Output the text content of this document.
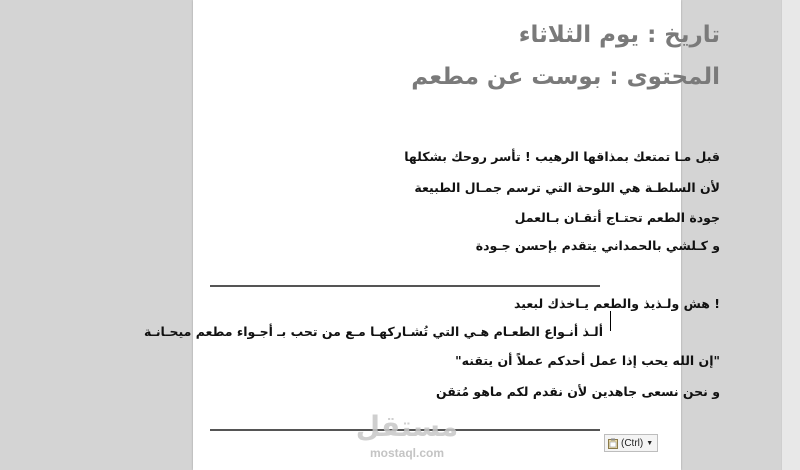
تاريخ : يوم الثلاثاء
المحتوى : بوست عن مطعم
قبل مـا تمتعك بمذاقها الرهيب ! تأسر روحك بشكلها
لأن السلطـة هي اللوحة التي ترسم جمـال الطبيعة
جودة الطعم تحتـاج أتقـان بـالعمل
و كـلشي بالحمداني يتقدم بإحسن جـودة
! هش ولـذيذ والطعم يـاخذك لبعيد
ألـذ أنـواع الطعـام هـي التي تُشـاركهـا مـع من تحب بـ أجـواء مطعم ميحـانـة
"إن الله يحب إذا عمل أحدكم عملاً أن يتقنه"
و نحن نسعى جاهدين لأن نقدم لكم ماهو مُتقن
مستقل
mostaql.com
(Ctrl) ▼
